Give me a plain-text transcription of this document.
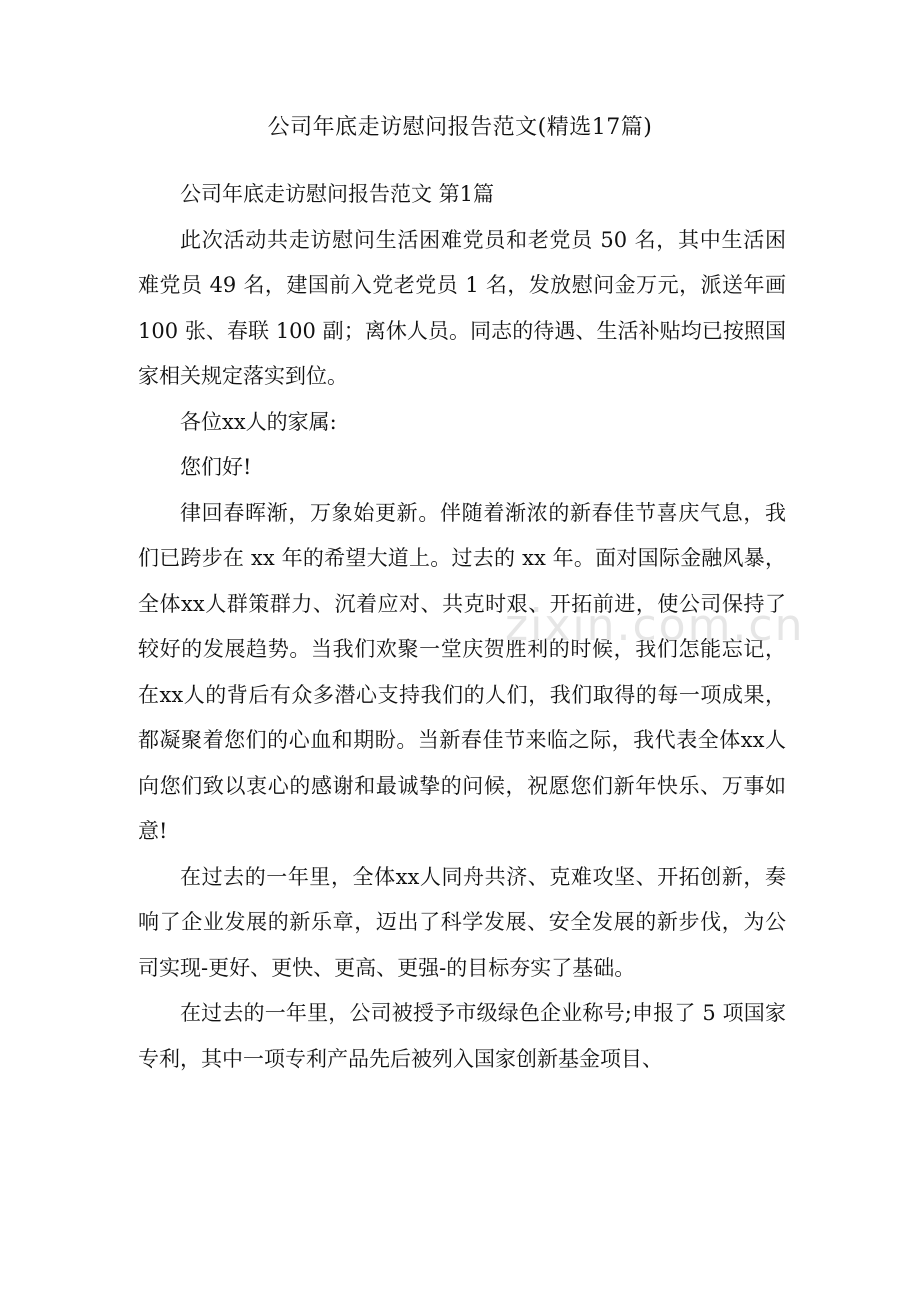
公司年底走访慰问报告范文(精选17篇)

公司年底走访慰问报告范文 第1篇

此次活动共走访慰问生活困难党员和老党员 50 名，其中生活困难党员 49 名，建国前入党老党员 1 名，发放慰问金万元，派送年画 100 张、春联 100 副；离休人员。同志的待遇、生活补贴均已按照国家相关规定落实到位。

各位xx人的家属:

您们好!

律回春晖渐，万象始更新。伴随着渐浓的新春佳节喜庆气息，我们已跨步在 xx 年的希望大道上。过去的 xx 年。面对国际金融风暴，全体xx人群策群力、沉着应对、共克时艰、开拓前进，使公司保持了较好的发展趋势。当我们欢聚一堂庆贺胜利的时候，我们怎能忘记，在xx人的背后有众多潜心支持我们的人们，我们取得的每一项成果，都凝聚着您们的心血和期盼。当新春佳节来临之际，我代表全体xx人向您们致以衷心的感谢和最诚挚的问候，祝愿您们新年快乐、万事如意!

在过去的一年里，全体xx人同舟共济、克难攻坚、开拓创新，奏响了企业发展的新乐章，迈出了科学发展、安全发展的新步伐，为公司实现-更好、更快、更高、更强-的目标夯实了基础。

在过去的一年里，公司被授予市级绿色企业称号;申报了 5 项国家专利，其中一项专利产品先后被列入国家创新基金项目、

zixin.com.cn
